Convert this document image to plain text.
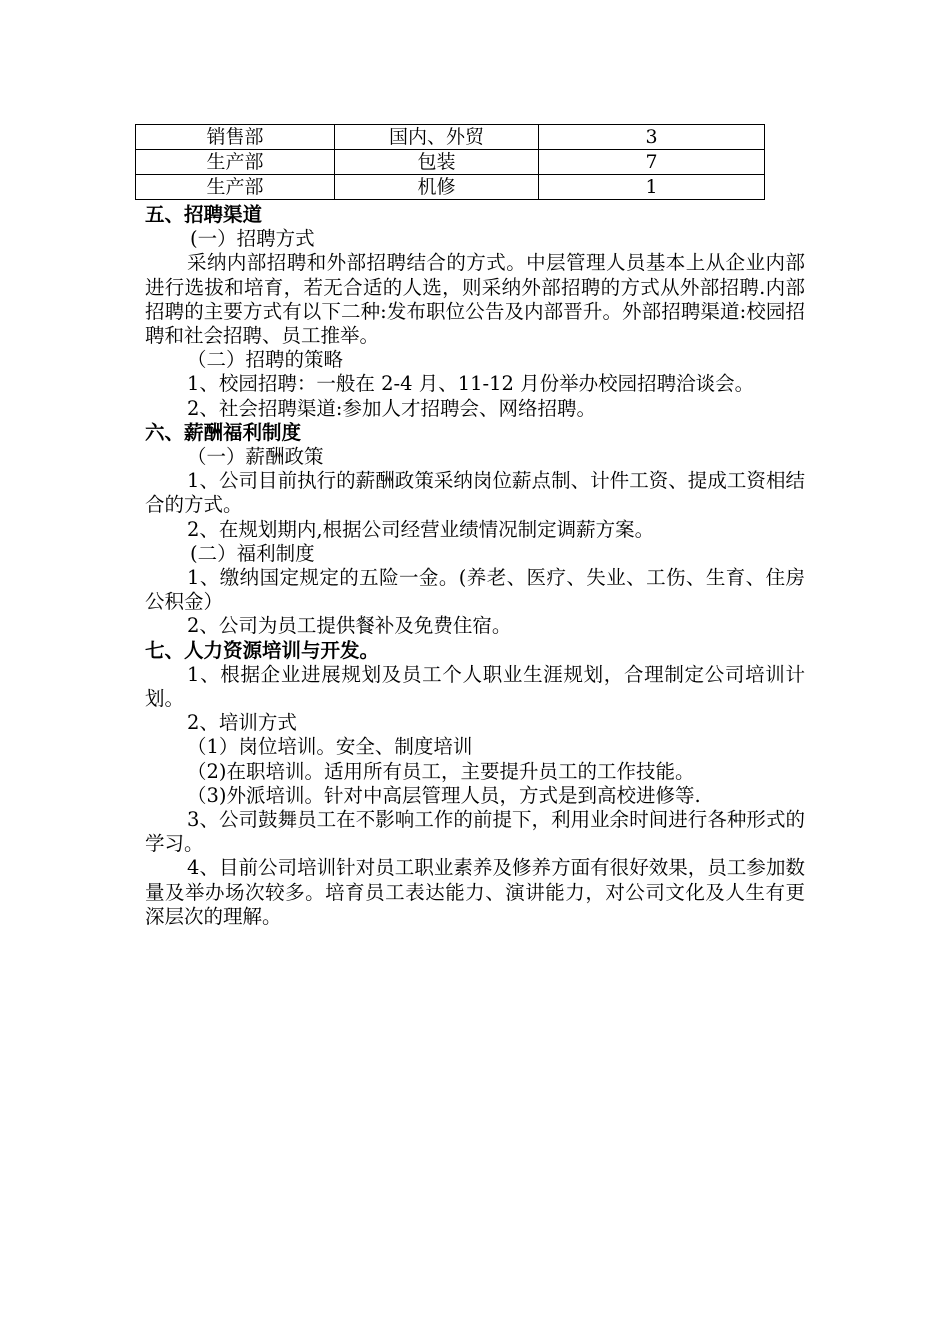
销售部	国内、外贸	3
生产部	包装	7
生产部	机修	1

五、招聘渠道

(一）招聘方式

采纳内部招聘和外部招聘结合的方式。中层管理人员基本上从企业内部进行选拔和培育，若无合适的人选，则采纳外部招聘的方式从外部招聘.内部招聘的主要方式有以下二种:发布职位公告及内部晋升。外部招聘渠道:校园招聘和社会招聘、员工推举。

（二）招聘的策略

1、校园招聘：一般在 2-4 月、11-12 月份举办校园招聘洽谈会。

2、社会招聘渠道:参加人才招聘会、网络招聘。

六、薪酬福利制度

（一）薪酬政策

1、公司目前执行的薪酬政策采纳岗位薪点制、计件工资、提成工资相结合的方式。

2、在规划期内,根据公司经营业绩情况制定调薪方案。

(二）福利制度

1、缴纳国定规定的五险一金。(养老、医疗、失业、工伤、生育、住房公积金）

2、公司为员工提供餐补及免费住宿。

七、人力资源培训与开发。

1、根据企业进展规划及员工个人职业生涯规划，合理制定公司培训计划。

2、培训方式

（1）岗位培训。安全、制度培训

（2)在职培训。适用所有员工，主要提升员工的工作技能。

（3)外派培训。针对中高层管理人员，方式是到高校进修等.

3、公司鼓舞员工在不影响工作的前提下，利用业余时间进行各种形式的学习。

4、目前公司培训针对员工职业素养及修养方面有很好效果，员工参加数量及举办场次较多。培育员工表达能力、演讲能力，对公司文化及人生有更深层次的理解。
